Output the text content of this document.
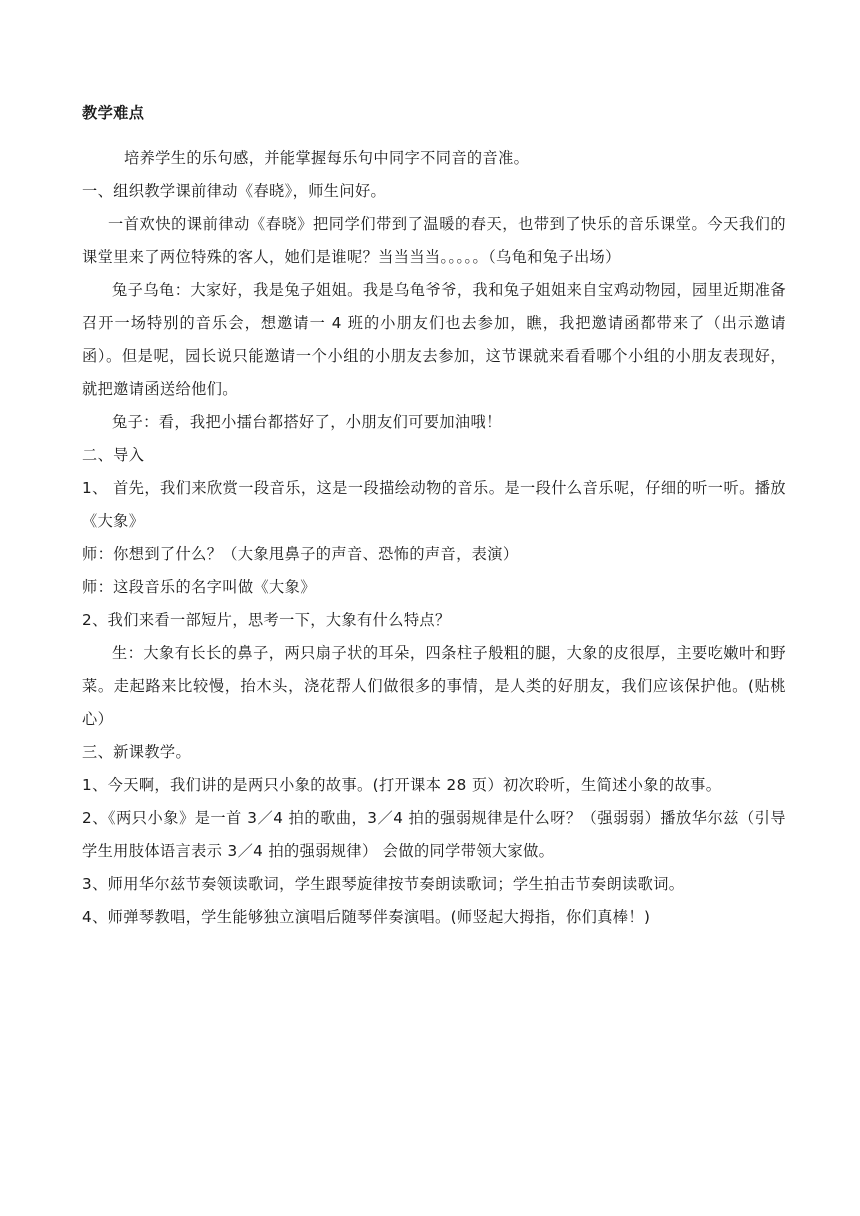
教学难点

培养学生的乐句感，并能掌握每乐句中同字不同音的音准。

一、组织教学课前律动《春晓》，师生问好。

一首欢快的课前律动《春晓》把同学们带到了温暖的春天，也带到了快乐的音乐课堂。今天我们的课堂里来了两位特殊的客人，她们是谁呢？当当当当。。。。。（乌龟和兔子出场）

兔子乌龟：大家好，我是兔子姐姐。我是乌龟爷爷，我和兔子姐姐来自宝鸡动物园，园里近期准备召开一场特别的音乐会，想邀请一 4 班的小朋友们也去参加，瞧，我把邀请函都带来了（出示邀请函）。但是呢，园长说只能邀请一个小组的小朋友去参加，这节课就来看看哪个小组的小朋友表现好，就把邀请函送给他们。

兔子：看，我把小擂台都搭好了，小朋友们可要加油哦！

二、导入

1、 首先，我们来欣赏一段音乐，这是一段描绘动物的音乐。是一段什么音乐呢，仔细的听一听。播放《大象》

师：你想到了什么？（大象甩鼻子的声音、恐怖的声音，表演）

师：这段音乐的名字叫做《大象》

2、我们来看一部短片，思考一下，大象有什么特点？

生：大象有长长的鼻子，两只扇子状的耳朵，四条柱子般粗的腿，大象的皮很厚，主要吃嫩叶和野菜。走起路来比较慢，抬木头，浇花帮人们做很多的事情，是人类的好朋友，我们应该保护他。(贴桃心）

三、新课教学。

1、今天啊，我们讲的是两只小象的故事。(打开课本 28 页）初次聆听，生简述小象的故事。

2、《两只小象》是一首 3／4 拍的歌曲，3／4 拍的强弱规律是什么呀？（强弱弱）播放华尔兹（引导学生用肢体语言表示 3／4 拍的强弱规律） 会做的同学带领大家做。

3、师用华尔兹节奏领读歌词，学生跟琴旋律按节奏朗读歌词；学生拍击节奏朗读歌词。

4、师弹琴教唱，学生能够独立演唱后随琴伴奏演唱。(师竖起大拇指，你们真棒！)
